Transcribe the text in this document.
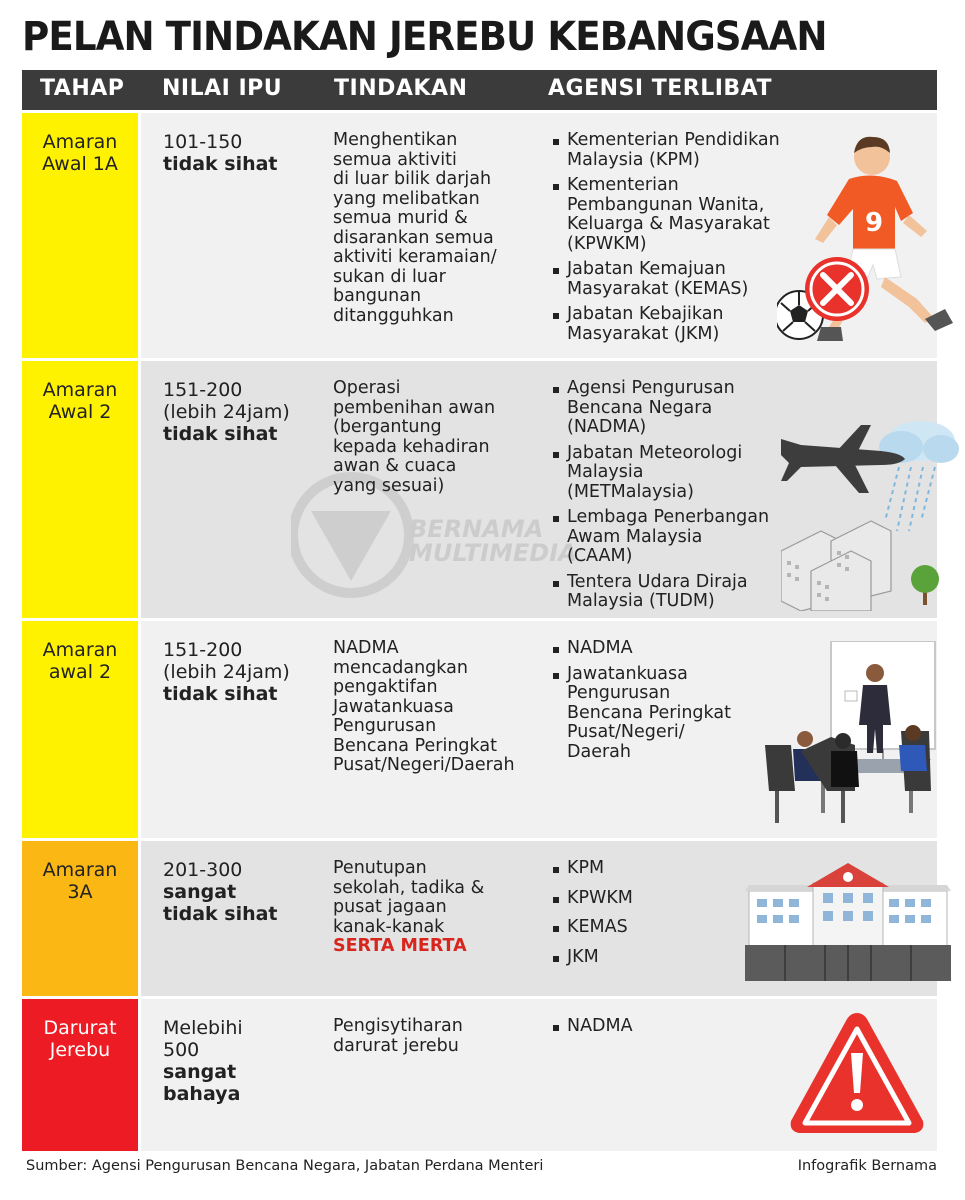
PELAN TINDAKAN JEREBU KEBANGSAAN
TAHAP NILAI IPU TINDAKAN	AGENSI TERLIBAT
Amaran
Awal 1A
101-150
tidak sihat
Menghentikan
semua aktiviti
di luar bilik darjah
yang melibatkan
semua murid &
disarankan semua
aktiviti keramaian/
sukan di luar
bangunan
ditangguhkan
Kementerian Pendidikan
Malaysia (KPM)
Kementerian
Pembangunan Wanita,
Keluarga & Masyarakat
(KPWKM)
Jabatan Kemajuan
Masyarakat (KEMAS)
Jabatan Kebajikan
Masyarakat (JKM)
9
Amaran
Awal 2
BERNAMA
MULTIMEDIA
151-200
(lebih 24jam)
tidak sihat
Operasi
pembenihan awan
(bergantung
kepada kehadiran
awan & cuaca
yang sesuai)
Agensi Pengurusan
Bencana Negara
(NADMA)
Jabatan Meteorologi
Malaysia
(METMalaysia)
Lembaga Penerbangan
Awam Malaysia
(CAAM)
Tentera Udara Diraja
Malaysia (TUDM)
Amaran
awal 2
151-200
(lebih 24jam)
tidak sihat
NADMA
mencadangkan
pengaktifan
Jawatankuasa
Pengurusan
Bencana Peringkat
Pusat/Negeri/Daerah
NADMA
Jawatankuasa
Pengurusan
Bencana Peringkat
Pusat/Negeri/
Daerah
Amaran
3A
201-300
sangat
tidak sihat
Penutupan
sekolah, tadika &
pusat jagaan
kanak-kanak
SERTA MERTA
KPM
KPWKM
KEMAS
JKM
Darurat
Jerebu
Melebihi
500
sangat
bahaya
Pengisytiharan
darurat jerebu
NADMA
Sumber: Agensi Pengurusan Bencana Negara, Jabatan Perdana Menteri	Infografik Bernama
